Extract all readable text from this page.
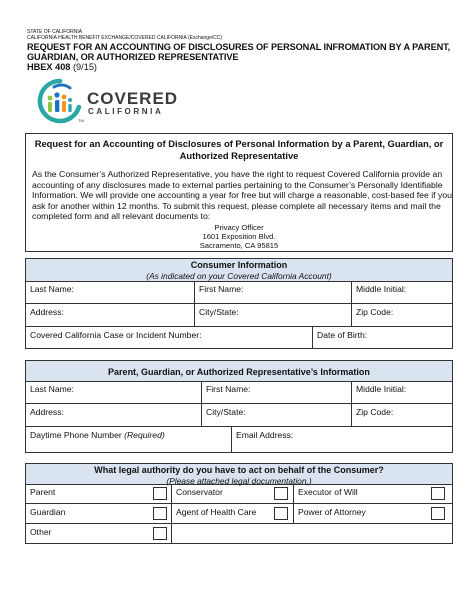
STATE OF CALIFORNIA
CALIFORNIA HEALTH BENEFIT EXCHANGE/COVERED CALIFORNIA (Exchange/CC)
REQUEST FOR AN ACCOUNTING OF DISCLOSURES OF PERSONAL INFROMATION BY A PARENT,
GUARDIAN, OR AUTHORIZED REPRESENTATIVE
HBEX 408 (9/15)
COVERED
CALIFORNIA
TM
Request for an Accounting of Disclosures of Personal Information by a Parent, Guardian, or
Authorized Representative
As the Consumer’s Authorized Representative, you have the right to request Covered California provide an
accounting of any disclosures made to external parties pertaining to the Consumer’s Personally Identifiable
Information. We will provide one accounting a year for free but will charge a reasonable, cost-based fee if you
ask for another within 12 months. To submit this request, please complete all necessary items and mail the
completed form and all relevant documents to:
Privacy Officer
1601 Exposition Blvd.
Sacramento, CA 95815
Consumer Information
(As indicated on your Covered California Account)
Last Name:	First Name:	Middle Initial:
Address:	City/State:	Zip Code:
Covered California Case or Incident Number:	Date of Birth:
Parent, Guardian, or Authorized Representative’s Information
Last Name:	First Name:	Middle Initial:
Address:	City/State:	Zip Code:
Daytime Phone Number (Required)	Email Address:
What legal authority do you have to act on behalf of the Consumer?
(Please attached legal documentation.)
Parent	Conservator	Executor of Will
Guardian	Agent of Health Care	Power of Attorney
Other
